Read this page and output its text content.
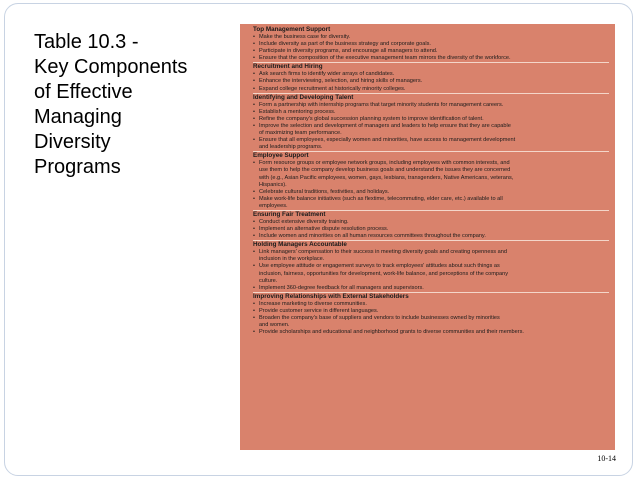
Table 10.3 -
Key Components
of Effective
Managing
Diversity
Programs
Top Management Support
• Make the business case for diversity.
• Include diversity as part of the business strategy and corporate goals.
• Participate in diversity programs, and encourage all managers to attend.
• Ensure that the composition of the executive management team mirrors the diversity of the workforce.
Recruitment and Hiring
• Ask search firms to identify wider arrays of candidates.
• Enhance the interviewing, selection, and hiring skills of managers.
• Expand college recruitment at historically minority colleges.
Identifying and Developing Talent
• Form a partnership with internship programs that target minority students for management careers.
• Establish a mentoring process.
• Refine the company's global succession planning system to improve identification of talent.
• Improve the selection and development of managers and leaders to help ensure that they are capable
of maximizing team performance.
• Ensure that all employees, especially women and minorities, have access to management development
and leadership programs.
Employee Support
• Form resource groups or employee network groups, including employees with common interests, and
use them to help the company develop business goals and understand the issues they are concerned
with (e.g., Asian Pacific employees, women, gays, lesbians, transgenders, Native Americans, veterans,
Hispanics).
• Celebrate cultural traditions, festivities, and holidays.
• Make work-life balance initiatives (such as flextime, telecommuting, elder care, etc.) available to all
employees.
Ensuring Fair Treatment
• Conduct extensive diversity training.
• Implement an alternative dispute resolution process.
• Include women and minorities on all human resources committees throughout the company.
Holding Managers Accountable
• Link managers' compensation to their success in meeting diversity goals and creating openness and
inclusion in the workplace.
• Use employee attitude or engagement surveys to track employees' attitudes about such things as
inclusion, fairness, opportunities for development, work-life balance, and perceptions of the company
culture.
• Implement 360-degree feedback for all managers and supervisors.
Improving Relationships with External Stakeholders
• Increase marketing to diverse communities.
• Provide customer service in different languages.
• Broaden the company's base of suppliers and vendors to include businesses owned by minorities
and women.
• Provide scholarships and educational and neighborhood grants to diverse communities and their members.
10-14
